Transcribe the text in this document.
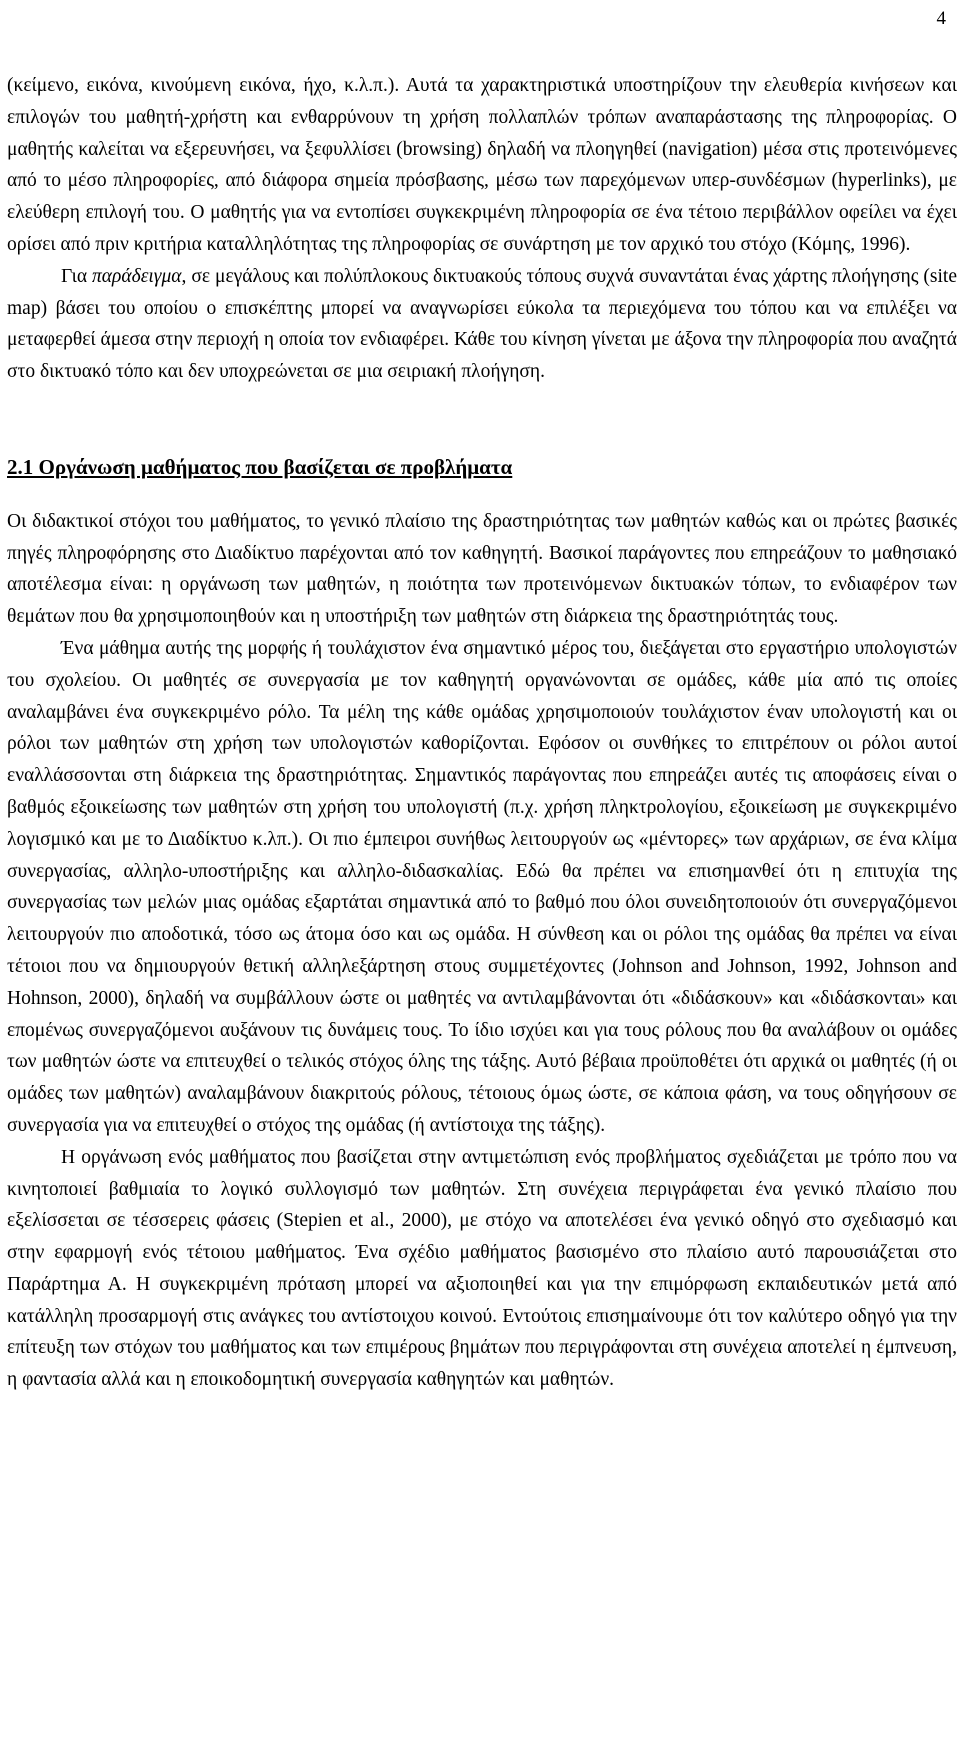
4

(κείμενο, εικόνα, κινούμενη εικόνα, ήχο, κ.λ.π.). Αυτά τα χαρακτηριστικά υποστηρίζουν την ελευθερία κινήσεων και επιλογών του μαθητή-χρήστη και ενθαρρύνουν τη χρήση πολλαπλών τρόπων αναπαράστασης της πληροφορίας. Ο μαθητής καλείται να εξερευνήσει, να ξεφυλλίσει (browsing) δηλαδή να πλοηγηθεί (navigation) μέσα στις προτεινόμενες από το μέσο πληροφορίες, από διάφορα σημεία πρόσβασης, μέσω των παρεχόμενων υπερ-συνδέσμων (hyperlinks), με ελεύθερη επιλογή του. Ο μαθητής για να εντοπίσει συγκεκριμένη πληροφορία σε ένα τέτοιο περιβάλλον οφείλει να έχει ορίσει από πριν κριτήρια καταλληλότητας της πληροφορίας σε συνάρτηση με τον αρχικό του στόχο (Κόμης, 1996).

Για παράδειγμα, σε μεγάλους και πολύπλοκους δικτυακούς τόπους συχνά συναντάται ένας χάρτης πλοήγησης (site map) βάσει του οποίου ο επισκέπτης μπορεί να αναγνωρίσει εύκολα τα περιεχόμενα του τόπου και να επιλέξει να μεταφερθεί άμεσα στην περιοχή η οποία τον ενδιαφέρει. Κάθε του κίνηση γίνεται με άξονα την πληροφορία που αναζητά στο δικτυακό τόπο και δεν υποχρεώνεται σε μια σειριακή πλοήγηση.

2.1 Οργάνωση μαθήματος που βασίζεται σε προβλήματα

Οι διδακτικοί στόχοι του μαθήματος, το γενικό πλαίσιο της δραστηριότητας των μαθητών καθώς και οι πρώτες βασικές πηγές πληροφόρησης στο Διαδίκτυο παρέχονται από τον καθηγητή. Βασικοί παράγοντες που επηρεάζουν το μαθησιακό αποτέλεσμα είναι: η οργάνωση των μαθητών, η ποιότητα των προτεινόμενων δικτυακών τόπων, το ενδιαφέρον των θεμάτων που θα χρησιμοποιηθούν και η υποστήριξη των μαθητών στη διάρκεια της δραστηριότητάς τους.

Ένα μάθημα αυτής της μορφής ή τουλάχιστον ένα σημαντικό μέρος του, διεξάγεται στο εργαστήριο υπολογιστών του σχολείου. Οι μαθητές σε συνεργασία με τον καθηγητή οργανώνονται σε ομάδες, κάθε μία από τις οποίες αναλαμβάνει ένα συγκεκριμένο ρόλο. Τα μέλη της κάθε ομάδας χρησιμοποιούν τουλάχιστον έναν υπολογιστή και οι ρόλοι των μαθητών στη χρήση των υπολογιστών καθορίζονται. Εφόσον οι συνθήκες το επιτρέπουν οι ρόλοι αυτοί εναλλάσσονται στη διάρκεια της δραστηριότητας. Σημαντικός παράγοντας που επηρεάζει αυτές τις αποφάσεις είναι ο βαθμός εξοικείωσης των μαθητών στη χρήση του υπολογιστή (π.χ. χρήση πληκτρολογίου, εξοικείωση με συγκεκριμένο λογισμικό και με το Διαδίκτυο κ.λπ.). Οι πιο έμπειροι συνήθως λειτουργούν ως «μέντορες» των αρχάριων, σε ένα κλίμα συνεργασίας, αλληλο-υποστήριξης και αλληλο-διδασκαλίας. Εδώ θα πρέπει να επισημανθεί ότι η επιτυχία της συνεργασίας των μελών μιας ομάδας εξαρτάται σημαντικά από το βαθμό που όλοι συνειδητοποιούν ότι συνεργαζόμενοι λειτουργούν πιο αποδοτικά, τόσο ως άτομα όσο και ως ομάδα. Η σύνθεση και οι ρόλοι της ομάδας θα πρέπει να είναι τέτοιοι που να δημιουργούν θετική αλληλεξάρτηση στους συμμετέχοντες (Johnson and Johnson, 1992, Johnson and Hohnson, 2000), δηλαδή να συμβάλλουν ώστε οι μαθητές να αντιλαμβάνονται ότι «διδάσκουν» και «διδάσκονται» και επομένως συνεργαζόμενοι αυξάνουν τις δυνάμεις τους. Το ίδιο ισχύει και για τους ρόλους που θα αναλάβουν οι ομάδες των μαθητών ώστε να επιτευχθεί ο τελικός στόχος όλης της τάξης. Αυτό βέβαια προϋποθέτει ότι αρχικά οι μαθητές (ή οι ομάδες των μαθητών) αναλαμβάνουν διακριτούς ρόλους, τέτοιους όμως ώστε, σε κάποια φάση, να τους οδηγήσουν σε συνεργασία για να επιτευχθεί ο στόχος της ομάδας (ή αντίστοιχα της τάξης).

Η οργάνωση ενός μαθήματος που βασίζεται στην αντιμετώπιση ενός προβλήματος σχεδιάζεται με τρόπο που να κινητοποιεί βαθμιαία το λογικό συλλογισμό των μαθητών. Στη συνέχεια περιγράφεται ένα γενικό πλαίσιο που εξελίσσεται σε τέσσερεις φάσεις (Stepien et al., 2000), με στόχο να αποτελέσει ένα γενικό οδηγό στο σχεδιασμό και στην εφαρμογή ενός τέτοιου μαθήματος. Ένα σχέδιο μαθήματος βασισμένο στο πλαίσιο αυτό παρουσιάζεται στο Παράρτημα Α. Η συγκεκριμένη πρόταση μπορεί να αξιοποιηθεί και για την επιμόρφωση εκπαιδευτικών μετά από κατάλληλη προσαρμογή στις ανάγκες του αντίστοιχου κοινού. Εντούτοις επισημαίνουμε ότι τον καλύτερο οδηγό για την επίτευξη των στόχων του μαθήματος και των επιμέρους βημάτων που περιγράφονται στη συνέχεια αποτελεί η έμπνευση, η φαντασία αλλά και η εποικοδομητική συνεργασία καθηγητών και μαθητών.
